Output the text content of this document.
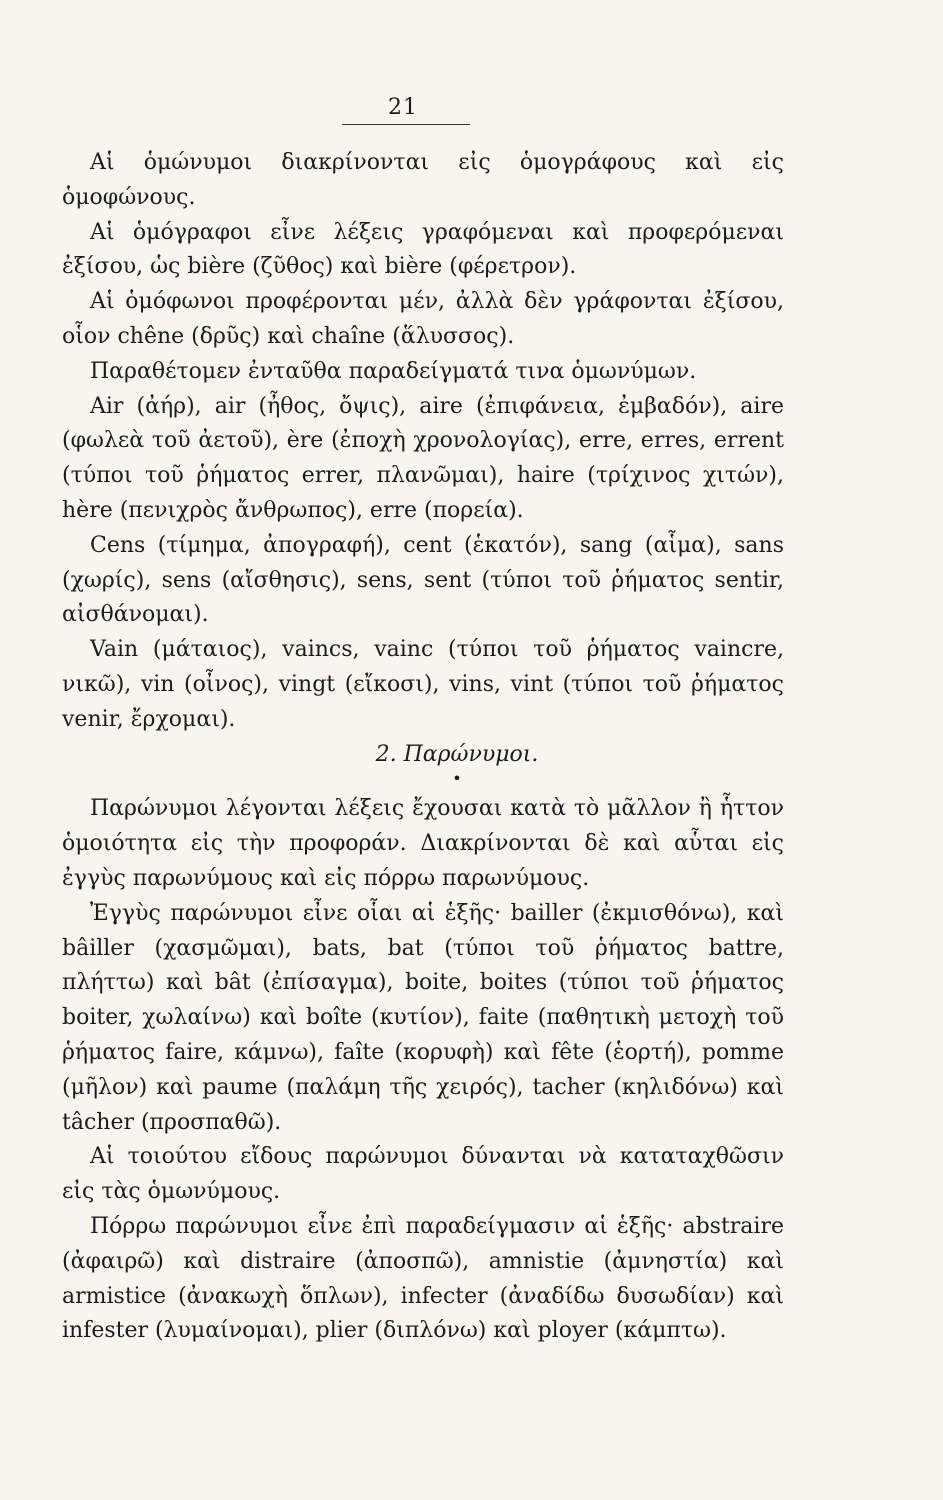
21

Αἱ ὁμώνυμοι διακρίνονται εἰς ὁμογράφους καὶ εἰς ὁμοφώνους.

Αἱ ὁμόγραφοι εἶνε λέξεις γραφόμεναι καὶ προφερόμεναι ἐξίσου, ὡς bière (ζῦθος) καὶ bière (φέρετρον).

Αἱ ὁμόφωνοι προφέρονται μέν, ἀλλὰ δὲν γράφονται ἐξίσου, οἷον chêne (δρῦς) καὶ chaîne (ἅλυσσος).

Παραθέτομεν ἐνταῦθα παραδείγματά τινα ὁμωνύμων.

Air (ἀήρ), air (ἦθος, ὄψις), aire (ἐπιφάνεια, ἐμβαδόν), aire (φωλεὰ τοῦ ἀετοῦ), ère (ἐποχὴ χρονολογίας), erre, erres, errent (τύποι τοῦ ῥήματος errer, πλανῶμαι), haire (τρίχινος χιτών), hère (πενιχρὸς ἄνθρωπος), erre (πορεία).

Cens (τίμημα, ἀπογραφή), cent (ἑκατόν), sang (αἷμα), sans (χωρίς), sens (αἴσθησις), sens, sent (τύποι τοῦ ῥήματος sentir, αἰσθάνομαι).

Vain (μάταιος), vaincs, vainc (τύποι τοῦ ῥήματος vaincre, νικῶ), vin (οἶνος), vingt (εἴκοσι), vins, vint (τύποι τοῦ ῥήματος venir, ἔρχομαι).

2. Παρώνυμοι.

•

Παρώνυμοι λέγονται λέξεις ἔχουσαι κατὰ τὸ μᾶλλον ἢ ἧττον ὁμοιότητα εἰς τὴν προφοράν. Διακρίνονται δὲ καὶ αὗται εἰς ἐγγὺς παρωνύμους καὶ εἰς πόρρω παρωνύμους.

Ἐγγὺς παρώνυμοι εἶνε οἷαι αἱ ἑξῆς· bailler (ἐκμισθόνω), καὶ bâiller (χασμῶμαι), bats, bat (τύποι τοῦ ῥήματος battre, πλήττω) καὶ bât (ἐπίσαγμα), boite, boites (τύποι τοῦ ῥήματος boiter, χωλαίνω) καὶ boîte (κυτίον), faite (παθητικὴ μετοχὴ τοῦ ῥήματος faire, κάμνω), faîte (κορυφὴ) καὶ fête (ἑορτή), pomme (μῆλον) καὶ paume (παλάμη τῆς χειρός), tacher (κηλιδόνω) καὶ tâcher (προσπαθῶ).

Αἱ τοιούτου εἴδους παρώνυμοι δύνανται νὰ καταταχθῶσιν εἰς τὰς ὁμωνύμους.

Πόρρω παρώνυμοι εἶνε ἐπὶ παραδείγμασιν αἱ ἑξῆς· abstraire (ἀφαιρῶ) καὶ distraire (ἀποσπῶ), amnistie (ἀμνηστία) καὶ armistice (ἀνακωχὴ ὅπλων), infecter (ἀναδίδω δυσωδίαν) καὶ infester (λυμαίνομαι), plier (διπλόνω) καὶ ployer (κάμπτω).
